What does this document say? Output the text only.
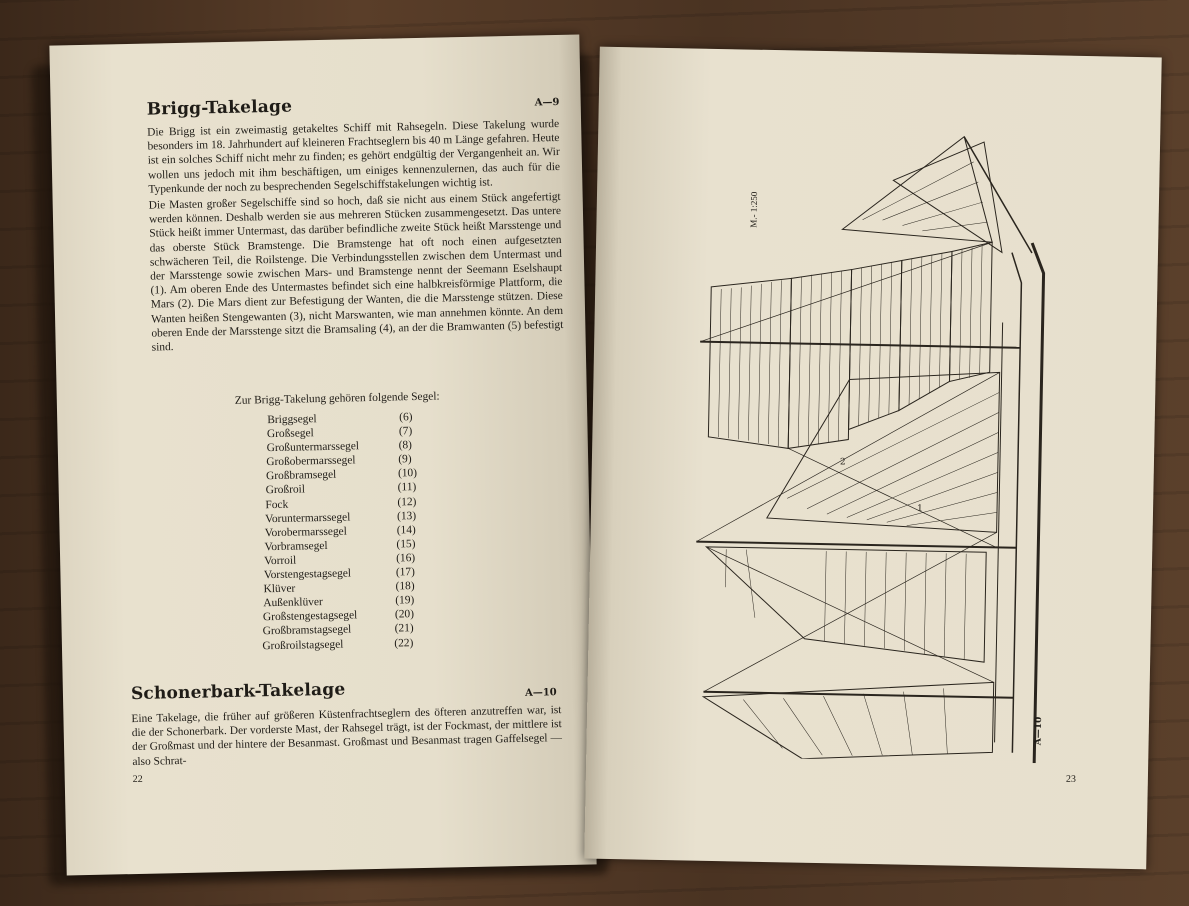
Brigg-Takelage	A—9

Die Brigg ist ein zweimastig getakeltes Schiff mit Rahsegeln. Diese Takelung wurde besonders im 18. Jahrhundert auf kleineren Frachtseglern bis 40 m Länge gefahren. Heute ist ein solches Schiff nicht mehr zu finden; es gehört endgültig der Vergangenheit an. Wir wollen uns jedoch mit ihm beschäftigen, um einiges kennenzulernen, das auch für die Typenkunde der noch zu besprechenden Segelschiffstakelungen wichtig ist.

Die Masten großer Segelschiffe sind so hoch, daß sie nicht aus einem Stück angefertigt werden können. Deshalb werden sie aus mehreren Stücken zusammengesetzt. Das untere Stück heißt immer Untermast, das darüber befindliche zweite Stück heißt Marsstenge und das oberste Stück Bramstenge. Die Bramstenge hat oft noch einen aufgesetzten schwächeren Teil, die Roilstenge. Die Verbindungsstellen zwischen dem Untermast und der Marsstenge sowie zwischen Mars- und Bramstenge nennt der Seemann Eselshaupt (1). Am oberen Ende des Untermastes befindet sich eine halbkreisförmige Plattform, die Mars (2). Die Mars dient zur Befestigung der Wanten, die die Marsstenge stützen. Diese Wanten heißen Stengewanten (3), nicht Marswanten, wie man annehmen könnte. An dem oberen Ende der Marsstenge sitzt die Bramsaling (4), an der die Bramwanten (5) befestigt sind.

Zur Brigg-Takelung gehören folgende Segel:
Briggsegel	(6)
Großsegel	(7)
Großuntermarssegel	(8)
Großobermarssegel	(9)
Großbramsegel	(10)
Großroil	(11)
Fock	(12)
Voruntermarssegel	(13)
Vorobermarssegel	(14)
Vorbramsegel	(15)
Vorroil	(16)
Vorstengestagsegel	(17)
Klüver	(18)
Außenklüver	(19)
Großstengestagsegel	(20)
Großbramstagsegel	(21)
Großroilstagsegel	(22)
Schonerbark-Takelage	A—10

Eine Takelage, die früher auf größeren Küstenfrachtseglern des öfteren anzutreffen war, ist die der Schonerbark. Der vorderste Mast, der Rahsegel trägt, ist der Fockmast, der mittlere ist der Großmast und der hintere der Besanmast. Großmast und Besanmast tragen Gaffelsegel — also Schrat-

22
M.- 1:250
2
1
A—10
23
